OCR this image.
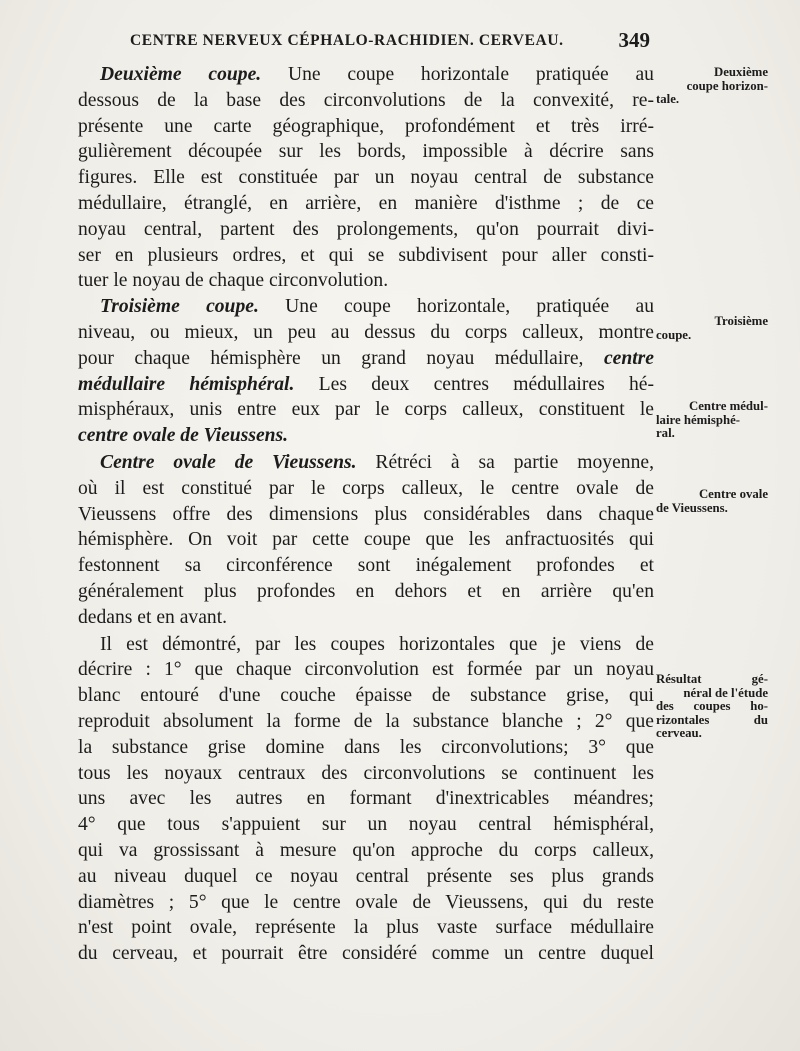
CENTRE NERVEUX CÉPHALO-RACHIDIEN. CERVEAU.	349
Deuxième coupe. Une coupe horizontale pratiquée au
dessous de la base des circonvolutions de la convexité, re-
présente une carte géographique, profondément et très irré-
gulièrement découpée sur les bords, impossible à décrire sans
figures. Elle est constituée par un noyau central de substance
médullaire, étranglé, en arrière, en manière d'isthme ; de ce
noyau central, partent des prolongements, qu'on pourrait divi-
ser en plusieurs ordres, et qui se subdivisent pour aller consti-
tuer le noyau de chaque circonvolution.
Troisième coupe. Une coupe horizontale, pratiquée au
niveau, ou mieux, un peu au dessus du corps calleux, montre
pour chaque hémisphère un grand noyau médullaire, centre
médullaire hémisphéral. Les deux centres médullaires hé-
misphéraux, unis entre eux par le corps calleux, constituent le
centre ovale de Vieussens.
Centre ovale de Vieussens. Rétréci à sa partie moyenne,
où il est constitué par le corps calleux, le centre ovale de
Vieussens offre des dimensions plus considérables dans chaque
hémisphère. On voit par cette coupe que les anfractuosités qui
festonnent sa circonférence sont inégalement profondes et
généralement plus profondes en dehors et en arrière qu'en
dedans et en avant.
Il est démontré, par les coupes horizontales que je viens de
décrire : 1° que chaque circonvolution est formée par un noyau
blanc entouré d'une couche épaisse de substance grise, qui
reproduit absolument la forme de la substance blanche ; 2° que
la substance grise domine dans les circonvolutions; 3° que
tous les noyaux centraux des circonvolutions se continuent les
uns avec les autres en formant d'inextricables méandres;
4° que tous s'appuient sur un noyau central hémisphéral,
qui va grossissant à mesure qu'on approche du corps calleux,
au niveau duquel ce noyau central présente ses plus grands
diamètres ; 5° que le centre ovale de Vieussens, qui du reste
n'est point ovale, représente la plus vaste surface médullaire
du cerveau, et pourrait être considéré comme un centre duquel
Deuxième
coupe horizon-
tale.
Troisième
coupe.
Centre médul-
laire hémisphé-
ral.
Centre ovale
de Vieussens.
Résultat gé-
néral de l'étude
des coupes ho-
rizontales du
cerveau.
